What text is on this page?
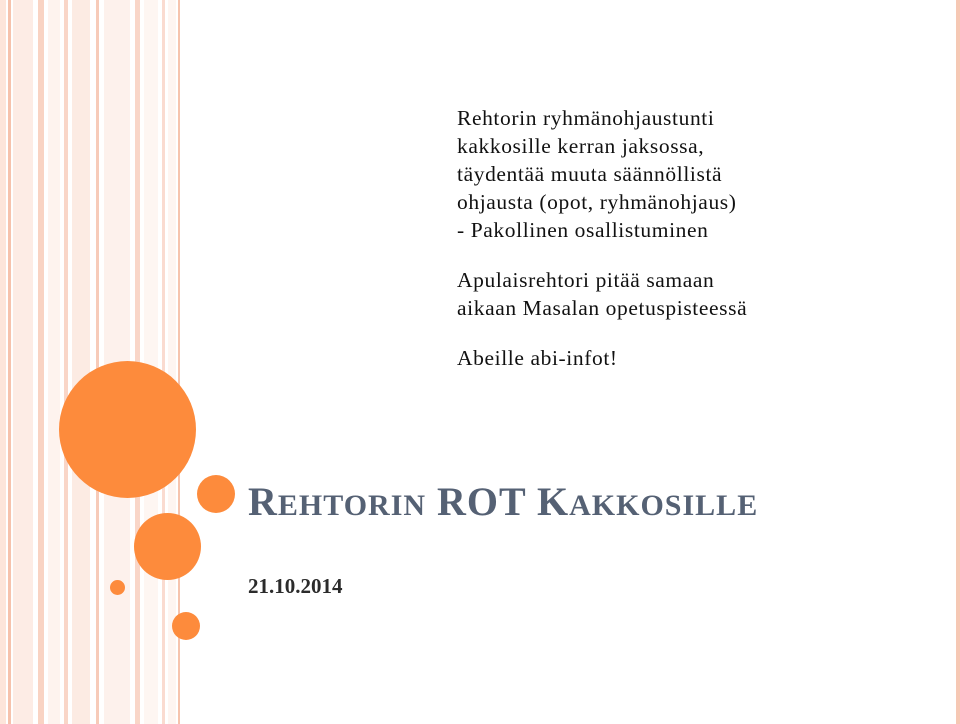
Rehtorin ryhmänohjaustunti
kakkosille kerran jaksossa,
täydentää muuta säännöllistä
ohjausta (opot, ryhmänohjaus)
- Pakollinen osallistuminen

Apulaisrehtori pitää samaan
aikaan Masalan opetuspisteessä

Abeille abi-infot!

REHTORIN ROT KAKKOSILLE
21.10.2014
